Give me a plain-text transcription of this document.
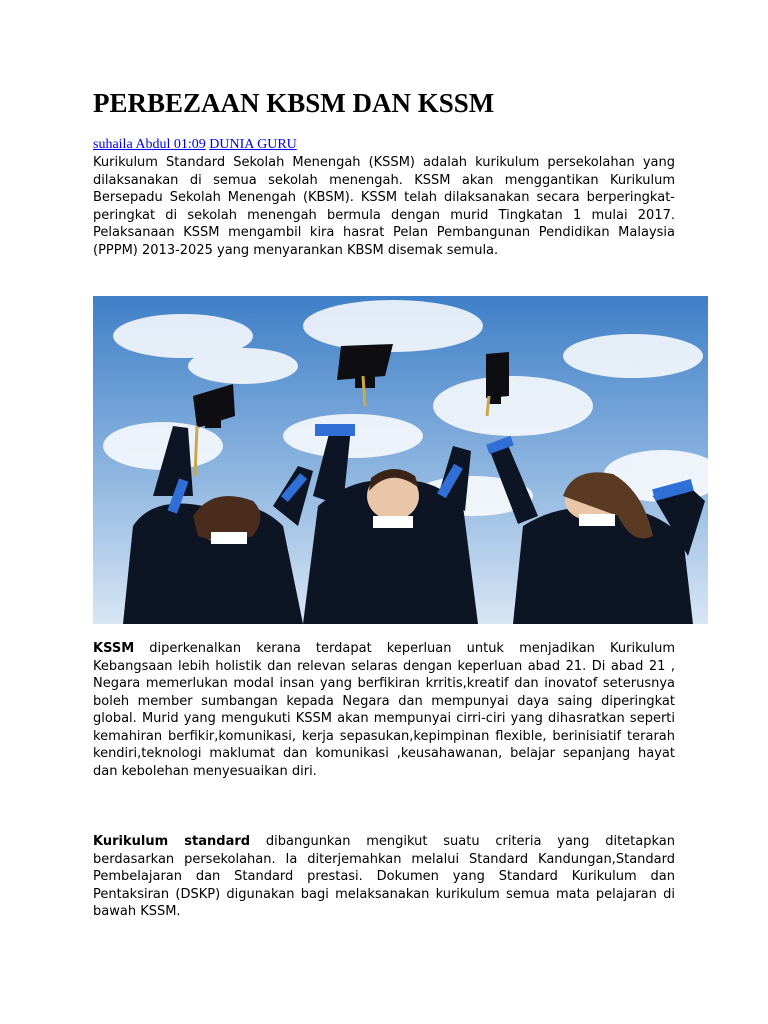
PERBEZAAN KBSM DAN KSSM
suhaila Abdul 01:09 DUNIA GURU

Kurikulum Standard Sekolah Menengah (KSSM) adalah kurikulum persekolahan yang dilaksanakan di semua sekolah menengah. KSSM akan menggantikan Kurikulum Bersepadu Sekolah Menengah (KBSM). KSSM telah dilaksanakan secara berperingkat-peringkat di sekolah menengah bermula dengan murid Tingkatan 1 mulai 2017. Pelaksanaan KSSM mengambil kira hasrat Pelan Pembangunan Pendidikan Malaysia (PPPM) 2013-2025 yang menyarankan KBSM disemak semula.

KSSM diperkenalkan kerana terdapat keperluan untuk menjadikan Kurikulum Kebangsaan lebih holistik dan relevan selaras dengan keperluan abad 21. Di abad 21 , Negara memerlukan modal insan yang berfikiran krritis,kreatif dan inovatof seterusnya boleh member sumbangan kepada Negara dan mempunyai daya saing diperingkat global. Murid yang mengukuti KSSM akan mempunyai cirri-ciri yang dihasratkan seperti kemahiran berfikir,komunikasi, kerja sepasukan,kepimpinan flexible, berinisiatif terarah kendiri,teknologi maklumat dan komunikasi ,keusahawanan, belajar sepanjang hayat dan kebolehan menyesuaikan diri.

Kurikulum standard dibangunkan mengikut suatu criteria yang ditetapkan berdasarkan persekolahan. Ia diterjemahkan melalui Standard Kandungan,Standard Pembelajaran dan Standard prestasi. Dokumen yang Standard Kurikulum dan Pentaksiran (DSKP) digunakan bagi melaksanakan kurikulum semua mata pelajaran di bawah KSSM.
